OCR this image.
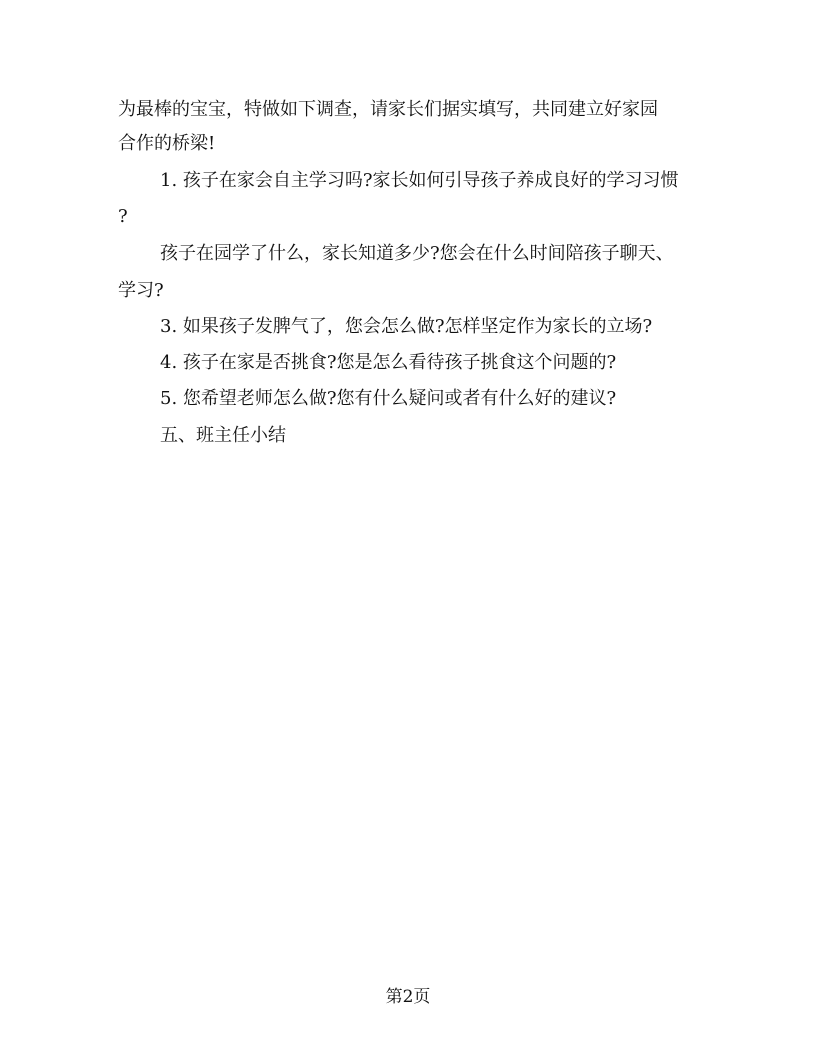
为最棒的宝宝，特做如下调查，请家长们据实填写，共同建立好家园
合作的桥梁!
1. 孩子在家会自主学习吗?家长如何引导孩子养成良好的学习习惯
?
孩子在园学了什么，家长知道多少?您会在什么时间陪孩子聊天、
学习?
3. 如果孩子发脾气了，您会怎么做?怎样坚定作为家长的立场?
4. 孩子在家是否挑食?您是怎么看待孩子挑食这个问题的?
5. 您希望老师怎么做?您有什么疑问或者有什么好的建议?
五、班主任小结
第2页
